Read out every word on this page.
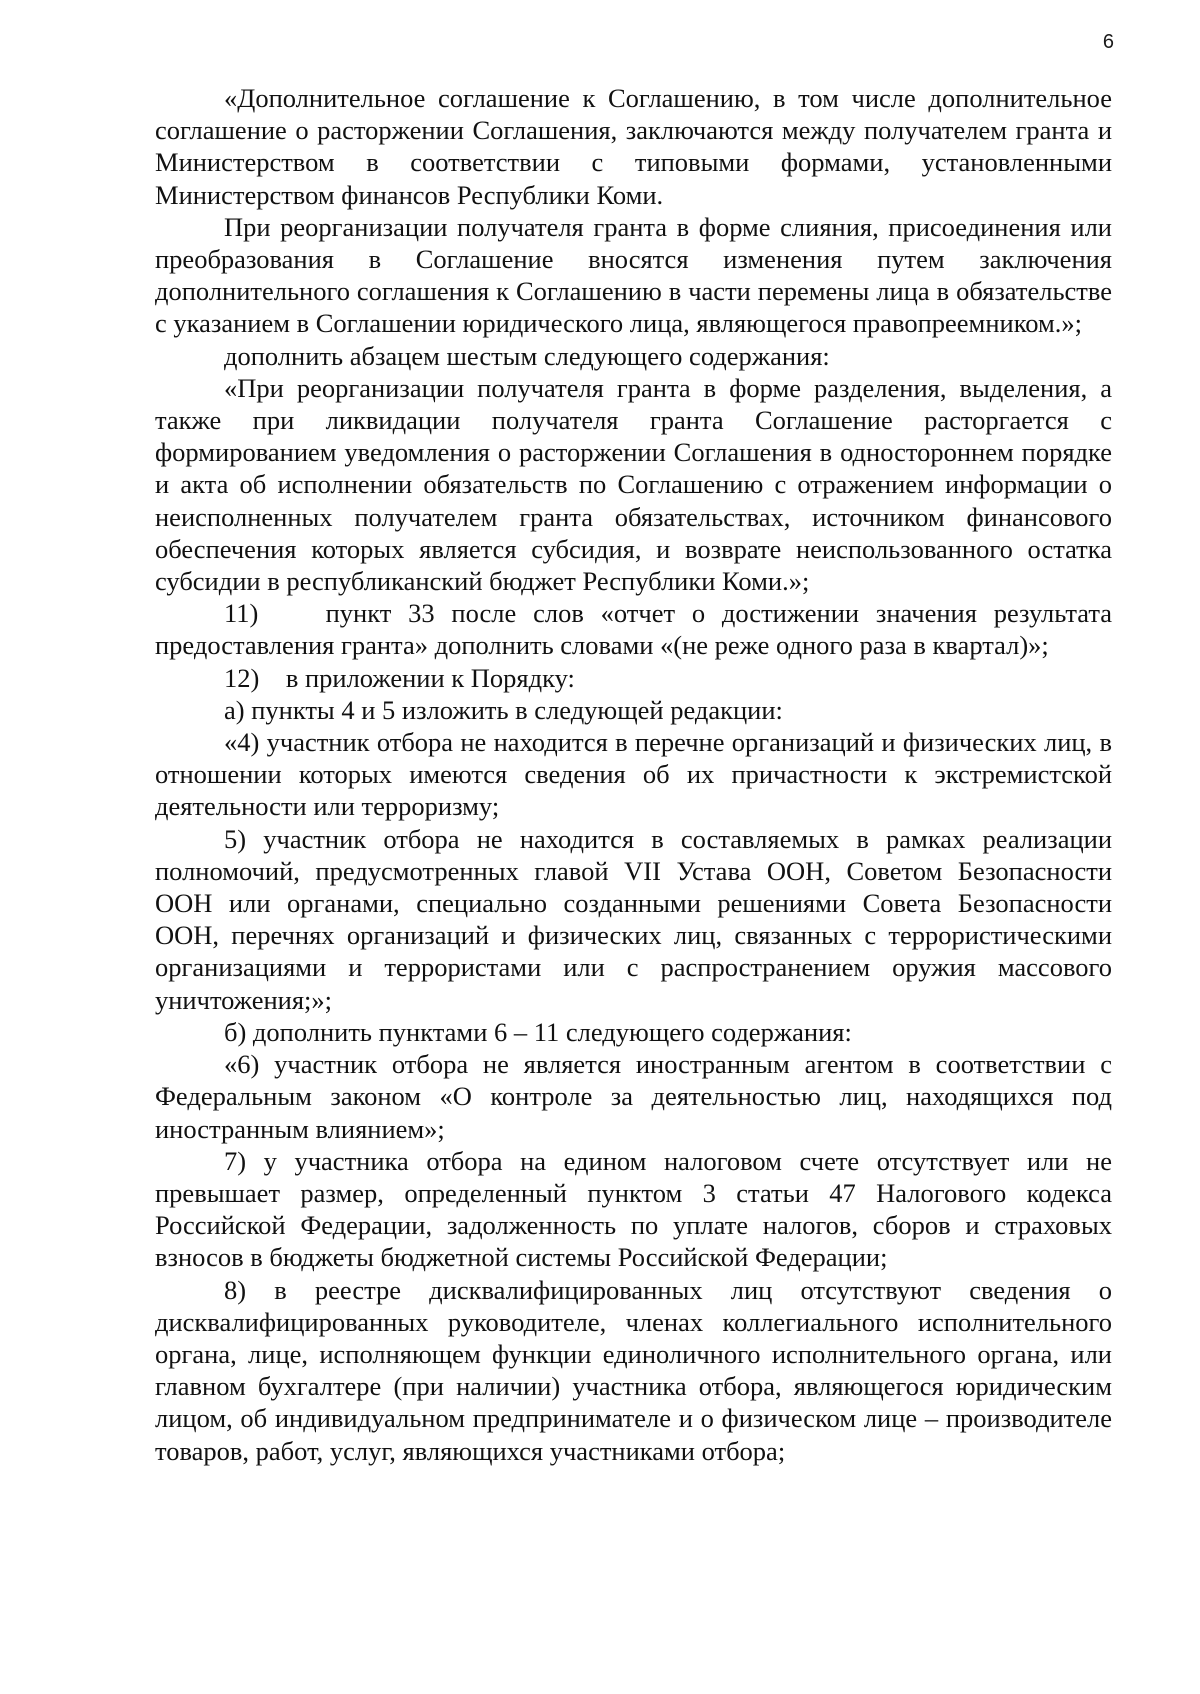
6

«Дополнительное соглашение к Соглашению, в том числе дополнительное соглашение о расторжении Соглашения, заключаются между получателем гранта и Министерством в соответствии с типовыми формами, установленными Министерством финансов Республики Коми.

При реорганизации получателя гранта в форме слияния, присоединения или преобразования в Соглашение вносятся изменения путем заключения дополнительного соглашения к Соглашению в части перемены лица в обязательстве с указанием в Соглашении юридического лица, являющегося правопреемником.»;

дополнить абзацем шестым следующего содержания:

«При реорганизации получателя гранта в форме разделения, выделения, а также при ликвидации получателя гранта Соглашение расторгается с формированием уведомления о расторжении Соглашения в одностороннем порядке и акта об исполнении обязательств по Соглашению с отражением информации о неисполненных получателем гранта обязательствах, источником финансового обеспечения которых является субсидия, и возврате неиспользованного остатка субсидии в республиканский бюджет Республики Коми.»;

11)    пункт 33 после слов «отчет о достижении значения результата предоставления гранта» дополнить словами «(не реже одного раза в квартал)»;

12)    в приложении к Порядку:

а) пункты 4 и 5 изложить в следующей редакции:

«4) участник отбора не находится в перечне организаций и физических лиц, в отношении которых имеются сведения об их причастности к экстремистской деятельности или терроризму;

5) участник отбора не находится в составляемых в рамках реализации полномочий, предусмотренных главой VII Устава ООН, Советом Безопасности ООН или органами, специально созданными решениями Совета Безопасности ООН, перечнях организаций и физических лиц, связанных с террористическими организациями и террористами или с распространением оружия массового уничтожения;»;

б) дополнить пунктами 6 – 11 следующего содержания:

«6) участник отбора не является иностранным агентом в соответствии с Федеральным законом «О контроле за деятельностью лиц, находящихся под иностранным влиянием»;

7) у участника отбора на едином налоговом счете отсутствует или не превышает размер, определенный пунктом 3 статьи 47 Налогового кодекса Российской Федерации, задолженность по уплате налогов, сборов и страховых взносов в бюджеты бюджетной системы Российской Федерации;

8) в реестре дисквалифицированных лиц отсутствуют сведения о дисквалифицированных руководителе, членах коллегиального исполнительного органа, лице, исполняющем функции единоличного исполнительного органа, или главном бухгалтере (при наличии) участника отбора, являющегося юридическим лицом, об индивидуальном предпринимателе и о физическом лице – производителе товаров, работ, услуг, являющихся участниками отбора;
